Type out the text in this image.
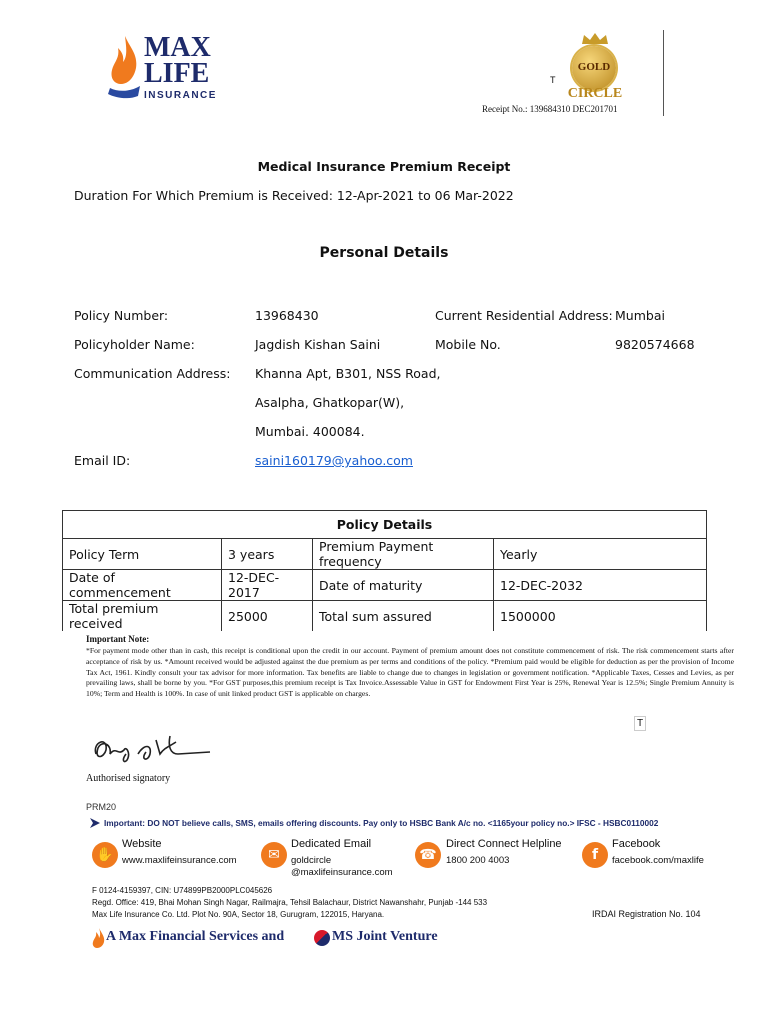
MAX
LIFE
INSURANCE
GOLD
CIRCLE
T
Receipt No.: 139684310 DEC201701
Medical Insurance Premium Receipt
Duration For Which Premium is Received: 12-Apr-2021 to 06 Mar-2022
Personal Details
Policy Number:	13968430	Current Residential Address: Mumbai
Policyholder Name:	Jagdish Kishan Saini	Mobile No.	9820574668
Communication Address: Khanna Apt, B301, NSS Road,
Asalpha, Ghatkopar(W),
Mumbai. 400084.
Email ID:	saini160179@yahoo.com
Policy Details			
Policy Term	3 years	Premium Payment frequency	Yearly
Date of commencement	12-DEC-2017	Date of maturity	12-DEC-2032
Total premium received	25000	Total sum assured	1500000
Important Note:
*For payment mode other than in cash, this receipt is conditional upon the credit in our account. Payment of premium amount does not constitute commencement of risk. The risk commencement starts after acceptance of risk by us. *Amount received would be adjusted against the due premium as per terms and conditions of the policy. *Premium paid would be eligible for deduction as per the provision of Income Tax Act, 1961. Kindly consult your tax advisor for more information. Tax benefits are liable to change due to changes in legislation or government notification. *Applicable Taxes, Cesses and Levies, as per prevailing laws, shall be borne by you. *For GST purposes,this premium receipt is Tax Invoice.Assessable Value in GST for Endowment First Year is 25%, Renewal Year is 12.5%; Single Premium Annuity is 10%; Term and Health is 100%. In case of unit linked product GST is applicable on charges.
T
Authorised signatory
PRM20
Important: DO NOT believe calls, SMS, emails offering discounts. Pay only to HSBC Bank A/c no. <1165your policy no.> IFSC - HSBC0110002
✋
Website
www.maxlifeinsurance.com	✉
Dedicated Email
goldcircle
@maxlifeinsurance.com
☎
Direct Connect Helpline
1800 200 4003	f
Facebook
facebook.com/maxlife
F 0124-4159397, CIN: U74899PB2000PLC045626
Regd. Office: 419, Bhai Mohan Singh Nagar, Railmajra, Tehsil Balachaur, District Nawanshahr, Punjab -144 533
Max Life Insurance Co. Ltd. Plot No. 90A, Sector 18, Gurugram, 122015, Haryana.	IRDAI Registration No. 104
A Max Financial Services and	MS Joint Venture
